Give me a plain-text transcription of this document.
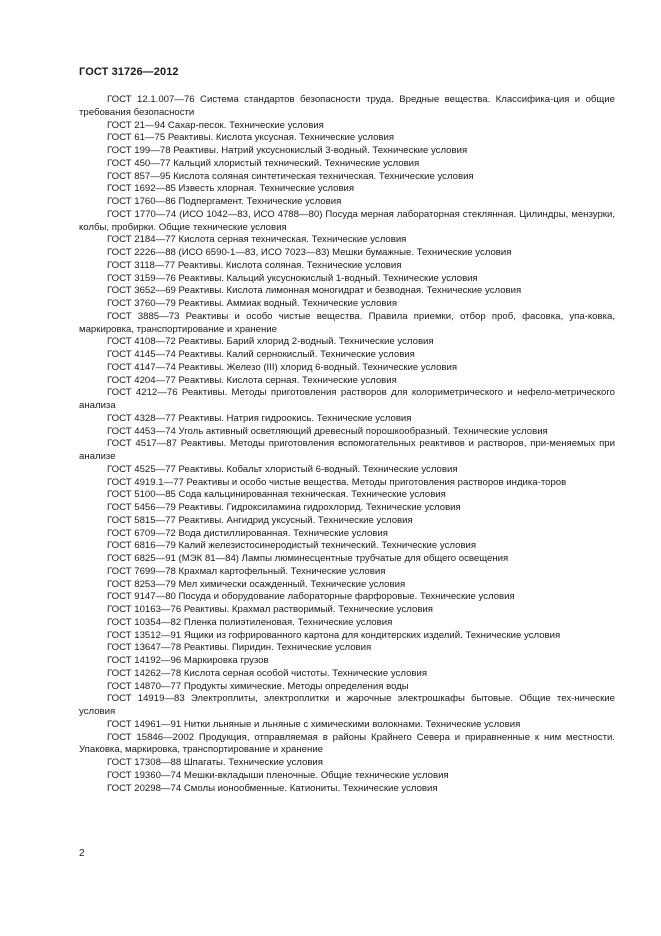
ГОСТ 31726—2012

ГОСТ 12.1.007—76 Система стандартов безопасности труда. Вредные вещества. Классифика-ция и общие требования безопасности

ГОСТ 21—94 Сахар-песок. Технические условия

ГОСТ 61—75 Реактивы. Кислота уксусная. Технические условия

ГОСТ 199—78 Реактивы. Натрий уксуснокислый 3-водный. Технические условия

ГОСТ 450—77 Кальций хлористый технический. Технические условия

ГОСТ 857—95 Кислота соляная синтетическая техническая. Технические условия

ГОСТ 1692—85 Известь хлорная. Технические условия

ГОСТ 1760—86 Подпергамент. Технические условия

ГОСТ 1770—74 (ИСО 1042—83, ИСО 4788—80) Посуда мерная лабораторная стеклянная. Цилиндры, мензурки, колбы, пробирки. Общие технические условия

ГОСТ 2184—77 Кислота серная техническая. Технические условия

ГОСТ 2226—88 (ИСО 6590-1—83, ИСО 7023—83) Мешки бумажные. Технические условия

ГОСТ 3118—77 Реактивы. Кислота соляная. Технические условия

ГОСТ 3159—76 Реактивы. Кальций уксуснокислый 1-водный. Технические условия

ГОСТ 3652—69 Реактивы. Кислота лимонная моногидрат и безводная. Технические условия

ГОСТ 3760—79 Реактивы. Аммиак водный. Технические условия

ГОСТ 3885—73 Реактивы и особо чистые вещества. Правила приемки, отбор проб, фасовка, упа-ковка, маркировка, транспортирование и хранение

ГОСТ 4108—72 Реактивы. Барий хлорид 2-водный. Технические условия

ГОСТ 4145—74 Реактивы. Калий сернокислый. Технические условия

ГОСТ 4147—74 Реактивы. Железо (III) хлорид 6-водный. Технические условия

ГОСТ 4204—77 Реактивы. Кислота серная. Технические условия

ГОСТ 4212—76 Реактивы. Методы приготовления растворов для колориметрического и нефело-метрического анализа

ГОСТ 4328—77 Реактивы. Натрия гидроокись. Технические условия

ГОСТ 4453—74 Уголь активный осветляющий древесный порошкообразный. Технические условия

ГОСТ 4517—87 Реактивы. Методы приготовления вспомогательных реактивов и растворов, при-меняемых при анализе

ГОСТ 4525—77 Реактивы. Кобальт хлористый 6-водный. Технические условия

ГОСТ 4919.1—77 Реактивы и особо чистые вещества. Методы приготовления растворов индика-торов

ГОСТ 5100—85 Сода кальцинированная техническая. Технические условия

ГОСТ 5456—79 Реактивы. Гидроксиламина гидрохлорид. Технические условия

ГОСТ 5815—77 Реактивы. Ангидрид уксусный. Технические условия

ГОСТ 6709—72 Вода дистиллированная. Технические условия

ГОСТ 6816—79 Калий железистосинеродистый технический. Технические условия

ГОСТ 6825—91 (МЭК 81—84) Лампы люминесцентные трубчатые для общего освещения

ГОСТ 7699—78 Крахмал картофельный. Технические условия

ГОСТ 8253—79 Мел химически осажденный. Технические условия

ГОСТ 9147—80 Посуда и оборудование лабораторные фарфоровые. Технические условия

ГОСТ 10163—76 Реактивы. Крахмал растворимый. Технические условия

ГОСТ 10354—82 Пленка полиэтиленовая. Технические условия

ГОСТ 13512—91 Ящики из гофрированного картона для кондитерских изделий. Технические условия

ГОСТ 13647—78 Реактивы. Пиридин. Технические условия

ГОСТ 14192—96 Маркировка грузов

ГОСТ 14262—78 Кислота серная особой чистоты. Технические условия

ГОСТ 14870—77 Продукты химические. Методы определения воды

ГОСТ 14919—83 Электроплиты, электроплитки и жарочные электрошкафы бытовые. Общие тех-нические условия

ГОСТ 14961—91 Нитки льняные и льняные с химическими волокнами. Технические условия

ГОСТ 15846—2002 Продукция, отправляемая в районы Крайнего Севера и приравненные к ним местности. Упаковка, маркировка, транспортирование и хранение

ГОСТ 17308—88 Шпагаты. Технические условия

ГОСТ 19360—74 Мешки-вкладыши пленочные. Общие технические условия

ГОСТ 20298—74 Смолы ионообменные. Катиониты. Технические условия

2
